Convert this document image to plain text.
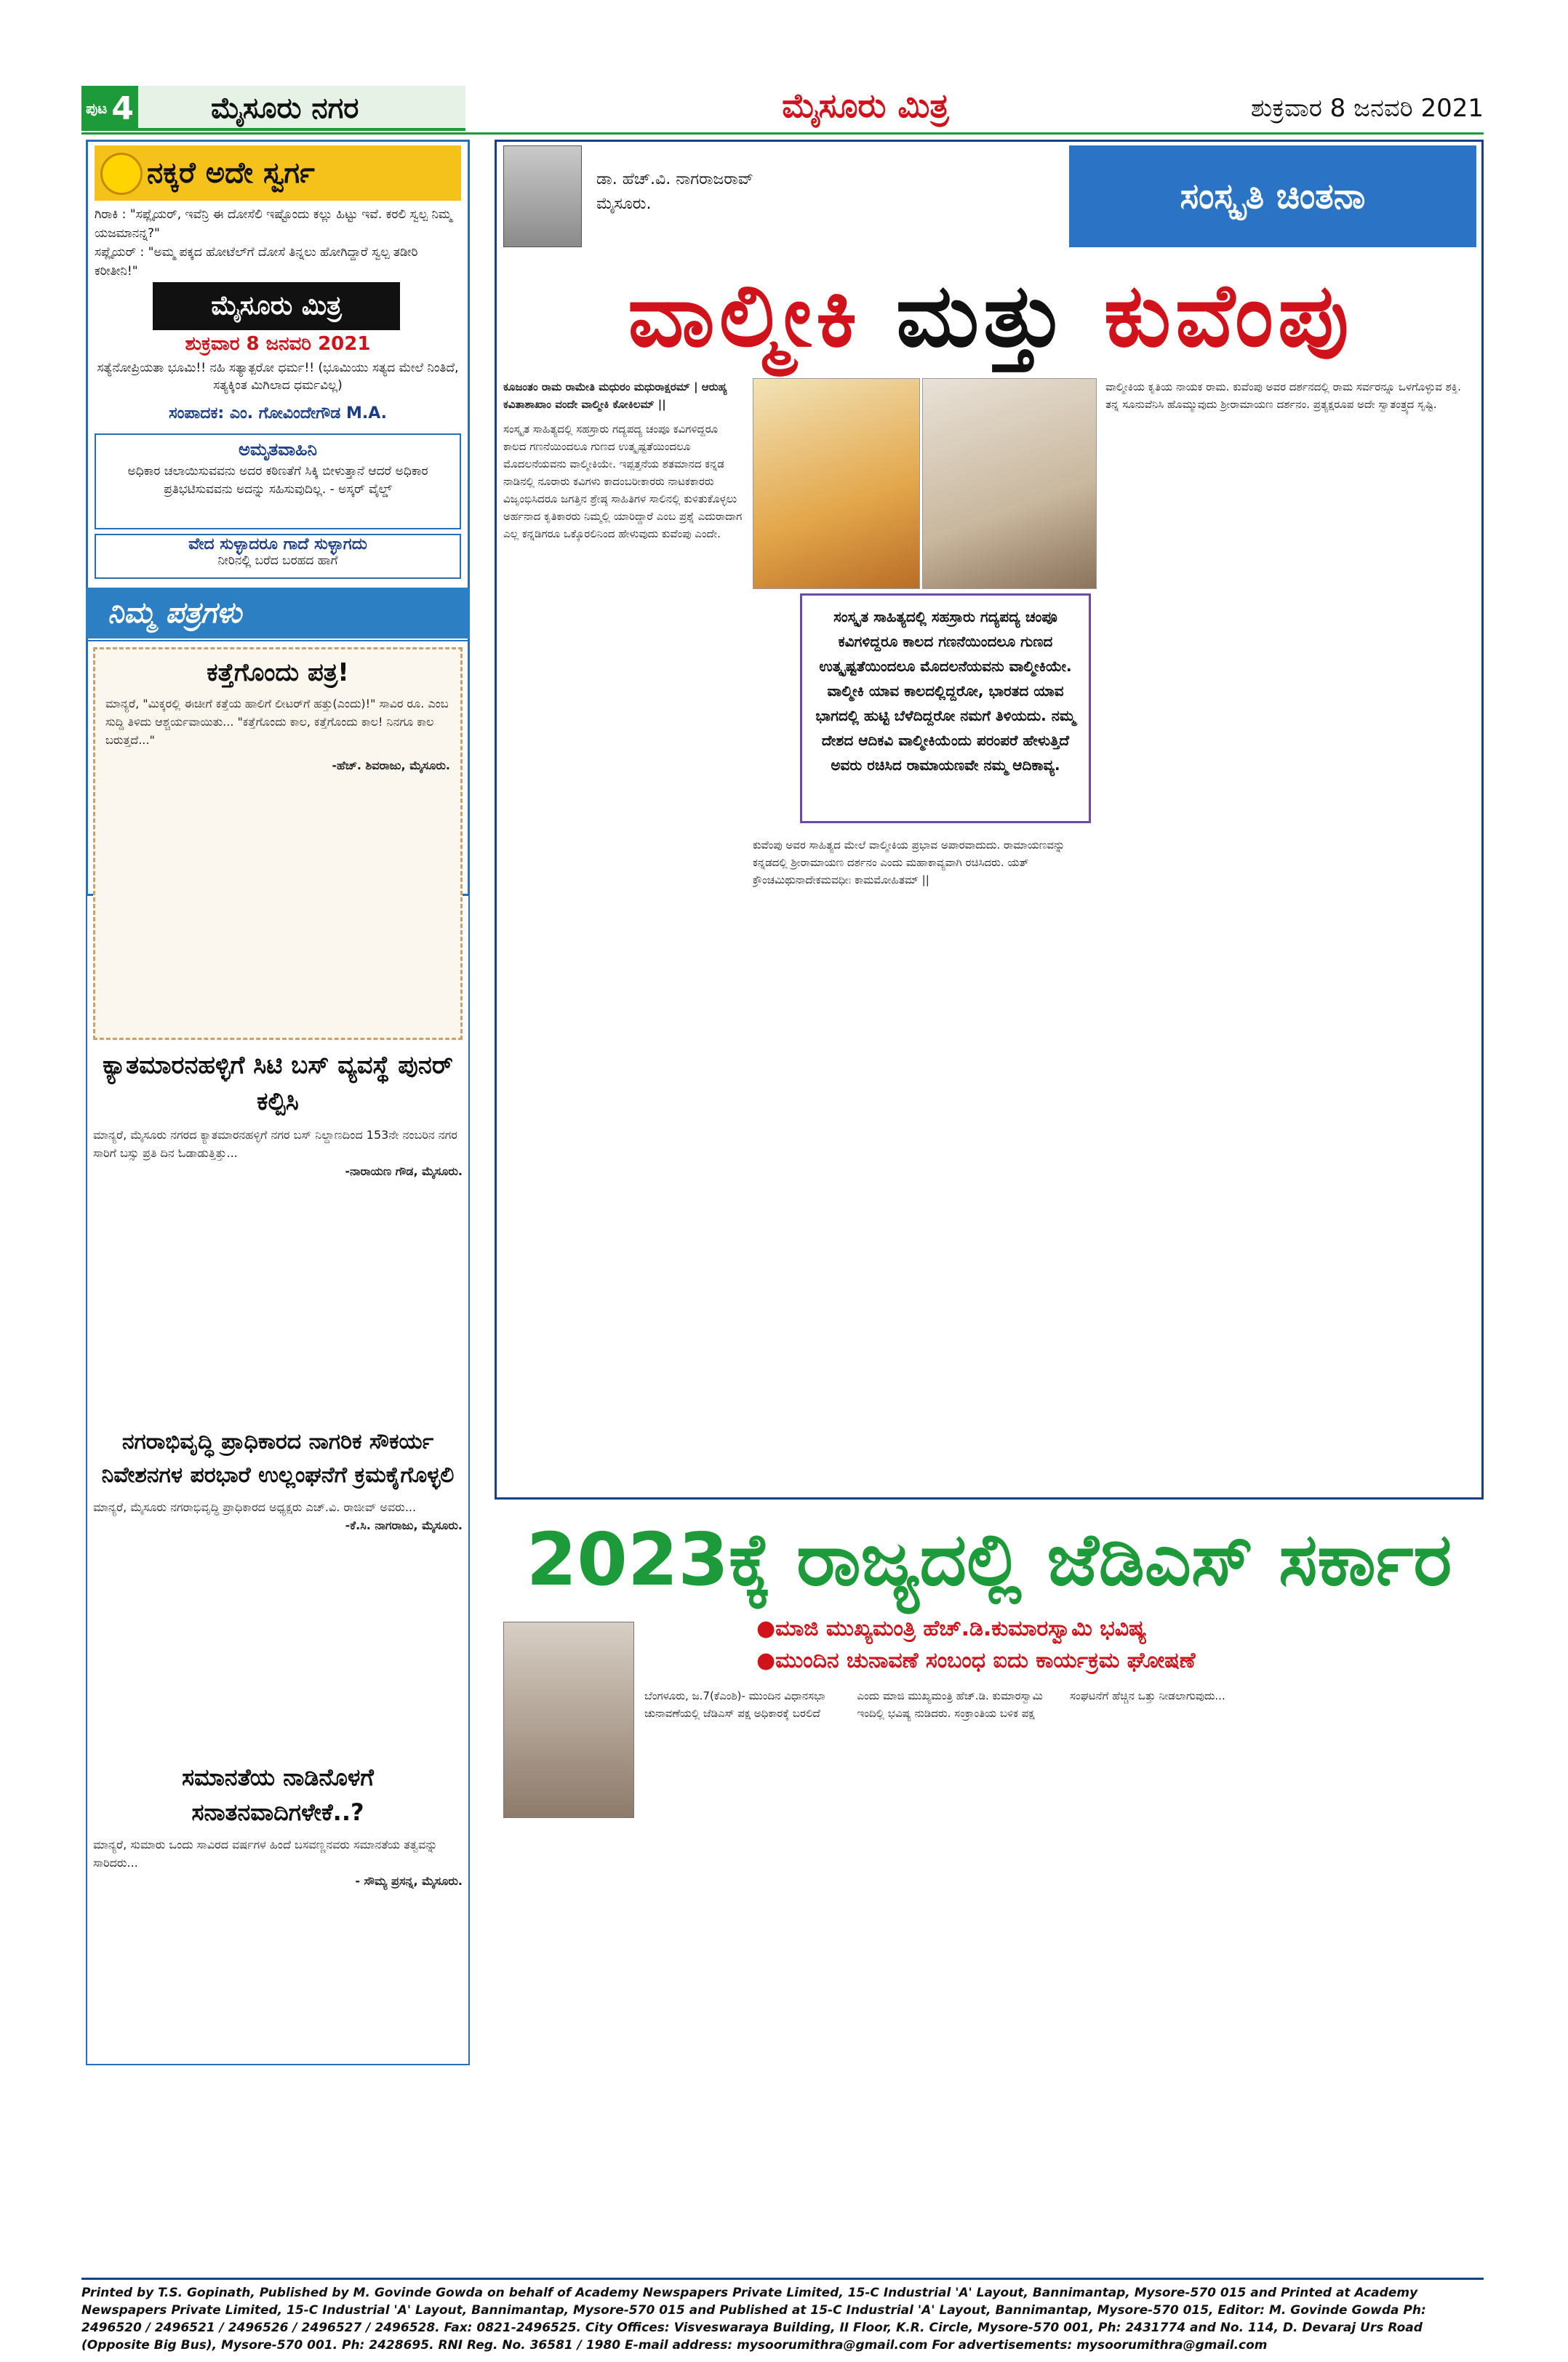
ಪುಟ 4	ಮೈಸೂರು ನಗರ	ಮೈಸೂರು ಮಿತ್ರ	ಶುಕ್ರವಾರ 8 ಜನವರಿ 2021
ನಕ್ಕರೆ ಅದೇ ಸ್ವರ್ಗ
ಗಿರಾಕಿ : "ಸಪ್ಲೈಯರ್, ಇವೆನ್ರಿ ಈ ದೋಸೆಲಿ ಇಷ್ಟೊಂದು ಕಲ್ಲು ಹಿಟ್ಟು ಇವೆ. ಕರಲಿ ಸ್ವಲ್ಪ ನಿಮ್ಮ ಯಜಮಾನನ್ನ?"
ಸಪ್ಲೈಯರ್ : "ಅಮ್ಮ ಪಕ್ಕದ ಹೋಟೆಲ್‌ಗೆ ದೋಸೆ ತಿನ್ನಲು ಹೋಗಿದ್ದಾರೆ ಸ್ವಲ್ಪ ತಡೀರಿ ಕರೀತೀನಿ!"
ಮೈಸೂರು ಮಿತ್ರ
ಶುಕ್ರವಾರ 8 ಜನವರಿ 2021
ಸತ್ಯೆನೋಪ್ರಿಯತಾ ಭೂಮಿ!! ನಹಿ ಸತ್ಯಾತ್ಪರೋ ಧರ್ಮ!! (ಭೂಮಿಯು ಸತ್ಯದ ಮೇಲೆ ನಿಂತಿದೆ, ಸತ್ಯಕ್ಕಿಂತ ಮಿಗಿಲಾದ ಧರ್ಮವಿಲ್ಲ)
ಸಂಪಾದಕ: ಎಂ. ಗೋವಿಂದೇಗೌಡ M.A.
ಅಮೃತವಾಹಿನಿ
ಅಧಿಕಾರ ಚಲಾಯಿಸುವವನು ಅದರ ಕಠಿಣತೆಗೆ ಸಿಕ್ಕಿ ಬೀಳುತ್ತಾನೆ ಆದರೆ ಅಧಿಕಾರ ಪ್ರತಿಭಟಿಸುವವನು ಅದನ್ನು ಸಹಿಸುವುದಿಲ್ಲ. - ಅಸ್ಕರ್ ವೈಲ್ಡ್
ವೇದ ಸುಳ್ಳಾದರೂ ಗಾದೆ ಸುಳ್ಳಾಗದು
ನೀರಿನಲ್ಲಿ ಬರೆದ ಬರಹದ ಹಾಗೆ
ನಿಮ್ಮ ಪತ್ರಗಳು
ಕತ್ತೆಗೊಂದು ಪತ್ರ!
ಮಾನ್ಯರೆ, "ಮಿಕ್ಕರಲ್ಲಿ ಈಚೀಗೆ ಕತ್ತೆಯ ಹಾಲಿಗೆ ಲೀಟರ್‌ಗೆ ಹತ್ತು(ಎಂದು)!" ಸಾವಿರ ರೂ. ಎಂಬ ಸುದ್ದಿ ತಿಳಿದು ಆಶ್ಚರ್ಯವಾಯಿತು... "ಕತ್ತೆಗೊಂದು ಕಾಲ, ಕತ್ತೆಗೊಂದು ಕಾಲ! ನಿನಗೂ ಕಾಲ ಬರುತ್ತದೆ..."
-ಹೆಚ್. ಶಿವರಾಜು, ಮೈಸೂರು.
ಕ್ಯಾತಮಾರನಹಳ್ಳಿಗೆ ಸಿಟಿ ಬಸ್ ವ್ಯವಸ್ಥೆ ಪುನರ್ ಕಲ್ಪಿಸಿ
ಮಾನ್ಯರೆ, ಮೈಸೂರು ನಗರದ ಕ್ಯಾತಮಾರನಹಳ್ಳಿಗೆ ನಗರ ಬಸ್ ನಿಲ್ದಾಣದಿಂದ 153ನೇ ನಂಬರಿನ ನಗರ ಸಾರಿಗೆ ಬಸ್ಸು ಪ್ರತಿ ದಿನ ಓಡಾಡುತ್ತಿತ್ತು...
-ನಾರಾಯಣ ಗೌಡ, ಮೈಸೂರು.
ನಗರಾಭಿವೃದ್ಧಿ ಪ್ರಾಧಿಕಾರದ ನಾಗರಿಕ ಸೌಕರ್ಯ ನಿವೇಶನಗಳ ಪರಭಾರೆ ಉಲ್ಲಂಘನೆಗೆ ಕ್ರಮಕೈಗೊಳ್ಳಲಿ
ಮಾನ್ಯರೆ, ಮೈಸೂರು ನಗರಾಭಿವೃದ್ಧಿ ಪ್ರಾಧಿಕಾರದ ಅಧ್ಯಕ್ಷರು ಎಚ್.ವಿ. ರಾಜೀವ್ ಅವರು...
-ಕೆ.ಸಿ. ನಾಗರಾಜು, ಮೈಸೂರು.
ಸಮಾನತೆಯ ನಾಡಿನೊಳಗೆ ಸನಾತನವಾದಿಗಳೇಕೆ..?
ಮಾನ್ಯರೆ, ಸುಮಾರು ಒಂದು ಸಾವಿರದ ವರ್ಷಗಳ ಹಿಂದೆ ಬಸವಣ್ಣನವರು ಸಮಾನತೆಯ ತತ್ವವನ್ನು ಸಾರಿದರು...
- ಸೌಮ್ಯ ಪ್ರಸನ್ನ, ಮೈಸೂರು.
ಡಾ. ಹೆಚ್.ವಿ. ನಾಗರಾಜರಾವ್
ಮೈಸೂರು.	ಸಂಸ್ಕೃತಿ ಚಿಂತನಾ
ವಾಲ್ಮೀಕಿ ಮತ್ತು ಕುವೆಂಪು
ಕೂಜಂತಂ ರಾಮ ರಾಮೇತಿ ಮಧುರಂ ಮಧುರಾಕ್ಷರಮ್ | ಆರುಹ್ಯ ಕವಿತಾಶಾಖಾಂ ವಂದೇ ವಾಲ್ಮೀಕಿ ಕೋಕಿಲಮ್ ||
ಸಂಸ್ಕೃತ ಸಾಹಿತ್ಯದಲ್ಲಿ ಸಹಸ್ರಾರು ಗದ್ಯಪದ್ಯ ಚಂಪೂ ಕವಿಗಳಿದ್ದರೂ ಕಾಲದ ಗಣನೆಯಿಂದಲೂ ಗುಣದ ಉತ್ಕೃಷ್ಟತೆಯಿಂದಲೂ ಮೊದಲನೆಯವನು ವಾಲ್ಮೀಕಿಯೇ. ಇಪ್ಪತ್ತನೆಯ ಶತಮಾನದ ಕನ್ನಡ ನಾಡಿನಲ್ಲಿ ನೂರಾರು ಕವಿಗಳು ಕಾದಂಬರೀಕಾರರು ನಾಟಕಕಾರರು ವಿಜೃಂಭಿಸಿದರೂ ಜಗತ್ತಿನ ಶ್ರೇಷ್ಠ ಸಾಹಿತಿಗಳ ಸಾಲಿನಲ್ಲಿ ಕುಳಿತುಕೊಳ್ಳಲು ಅರ್ಹನಾದ ಕೃತಿಕಾರರು ನಿಮ್ಮಲ್ಲಿ ಯಾರಿದ್ದಾರೆ ಎಂಬ ಪ್ರಶ್ನೆ ಎದುರಾದಾಗ ಎಲ್ಲ ಕನ್ನಡಿಗರೂ ಒಕ್ಕೊರಲಿನಿಂದ ಹೇಳುವುದು ಕುವೆಂಪು ಎಂದೇ.
ಸಂಸ್ಕೃತ ಸಾಹಿತ್ಯದಲ್ಲಿ ಸಹಸ್ರಾರು ಗದ್ಯಪದ್ಯ ಚಂಪೂ ಕವಿಗಳಿದ್ದರೂ ಕಾಲದ ಗಣನೆಯಿಂದಲೂ ಗುಣದ ಉತ್ಕೃಷ್ಟತೆಯಿಂದಲೂ ಮೊದಲನೆಯವನು ವಾಲ್ಮೀಕಿಯೇ. ವಾಲ್ಮೀಕಿ ಯಾವ ಕಾಲದಲ್ಲಿದ್ದರೋ, ಭಾರತದ ಯಾವ ಭಾಗದಲ್ಲಿ ಹುಟ್ಟಿ ಬೆಳೆದಿದ್ದರೋ ನಮಗೆ ತಿಳಿಯದು. ನಮ್ಮ ದೇಶದ ಆದಿಕವಿ ವಾಲ್ಮೀಕಿಯೆಂದು ಪರಂಪರೆ ಹೇಳುತ್ತಿದೆ ಅವರು ರಚಿಸಿದ ರಾಮಾಯಣವೇ ನಮ್ಮ ಆದಿಕಾವ್ಯ.
ಕುವೆಂಪು ಅವರ ಸಾಹಿತ್ಯದ ಮೇಲೆ ವಾಲ್ಮೀಕಿಯ ಪ್ರಭಾವ ಅಪಾರವಾದುದು. ರಾಮಾಯಣವನ್ನು ಕನ್ನಡದಲ್ಲಿ ಶ್ರೀರಾಮಾಯಣ ದರ್ಶನಂ ಎಂದು ಮಹಾಕಾವ್ಯವಾಗಿ ರಚಿಸಿದರು. ಯತ್ ಕ್ರೌಂಚಮಿಥುನಾದೇಕಮವಧೀಃ ಕಾಮಮೋಹಿತಮ್ ||
ವಾಲ್ಮೀಕಿಯ ಕೃತಿಯ ನಾಯಕ ರಾಮ. ಕುವೆಂಪು ಅವರ ದರ್ಶನದಲ್ಲಿ ರಾಮ ಸರ್ವರನ್ನೂ ಒಳಗೊಳ್ಳುವ ಶಕ್ತಿ. ತನ್ನ ಸೂನುವೆನಿಸಿ ಹೊಮ್ಮುವುದು ಶ್ರೀರಾಮಾಯಣ ದರ್ಶನಂ. ಪ್ರತ್ಯಕ್ಷರೂಪ ಅದೇ ಸ್ವಾತಂತ್ರ್ಯದ ಸೃಷ್ಟಿ.
2023ಕ್ಕೆ ರಾಜ್ಯದಲ್ಲಿ ಜೆಡಿಎಸ್ ಸರ್ಕಾರ
●ಮಾಜಿ ಮುಖ್ಯಮಂತ್ರಿ ಹೆಚ್.ಡಿ.ಕುಮಾರಸ್ವಾಮಿ ಭವಿಷ್ಯ
●ಮುಂದಿನ ಚುನಾವಣೆ ಸಂಬಂಧ ಐದು ಕಾರ್ಯಕ್ರಮ ಘೋಷಣೆ
ಬೆಂಗಳೂರು, ಜ.7(ಕೆಎಂಶಿ)- ಮುಂದಿನ ವಿಧಾನಸಭಾ ಚುನಾವಣೆಯಲ್ಲಿ ಜೆಡಿಎಸ್ ಪಕ್ಷ ಅಧಿಕಾರಕ್ಕೆ ಬರಲಿದೆ ಎಂದು ಮಾಜಿ ಮುಖ್ಯಮಂತ್ರಿ ಹೆಚ್.ಡಿ. ಕುಮಾರಸ್ವಾಮಿ ಇಂದಿಲ್ಲಿ ಭವಿಷ್ಯ ನುಡಿದರು. ಸಂಕ್ರಾಂತಿಯ ಬಳಿಕ ಪಕ್ಷ ಸಂಘಟನೆಗೆ ಹೆಚ್ಚಿನ ಒತ್ತು ನೀಡಲಾಗುವುದು...
Printed by T.S. Gopinath, Published by M. Govinde Gowda on behalf of Academy Newspapers Private Limited, 15-C Industrial 'A' Layout, Bannimantap, Mysore-570 015 and Printed at Academy Newspapers Private Limited, 15-C Industrial 'A' Layout, Bannimantap, Mysore-570 015 and Published at 15-C Industrial 'A' Layout, Bannimantap, Mysore-570 015, Editor: M. Govinde Gowda Ph: 2496520 / 2496521 / 2496526 / 2496527 / 2496528. Fax: 0821-2496525. City Offices: Visveswaraya Building, II Floor, K.R. Circle, Mysore-570 001, Ph: 2431774 and No. 114, D. Devaraj Urs Road (Opposite Big Bus), Mysore-570 001. Ph: 2428695. RNI Reg. No. 36581 / 1980 E-mail address: mysoorumithra@gmail.com For advertisements: mysoorumithra@gmail.com
